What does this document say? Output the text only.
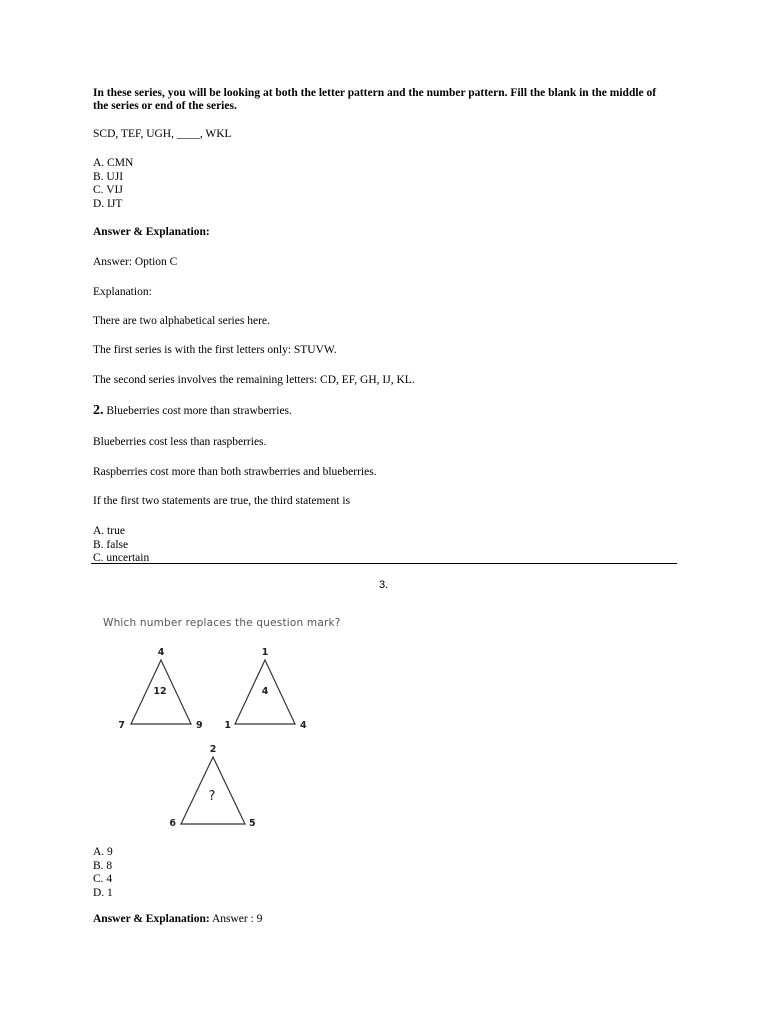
In these series, you will be looking at both the letter pattern and the number pattern. Fill the blank in the middle of the series or end of the series.

SCD, TEF, UGH, ____, WKL

A. CMN
B. UJI
C. VIJ
D. IJT

Answer & Explanation:

Answer: Option C

Explanation:

There are two alphabetical series here.

The first series is with the first letters only: STUVW.

The second series involves the remaining letters: CD, EF, GH, IJ, KL.

2. Blueberries cost more than strawberries.

Blueberries cost less than raspberries.

Raspberries cost more than both strawberries and blueberries.

If the first two statements are true, the third statement is

A. true
B. false
C. uncertain
3.
Which number replaces the question mark?
4
7	9
12
1
1	4
4
2
6	5
?
A. 9
B. 8
C. 4
D. 1

Answer & Explanation: Answer : 9
